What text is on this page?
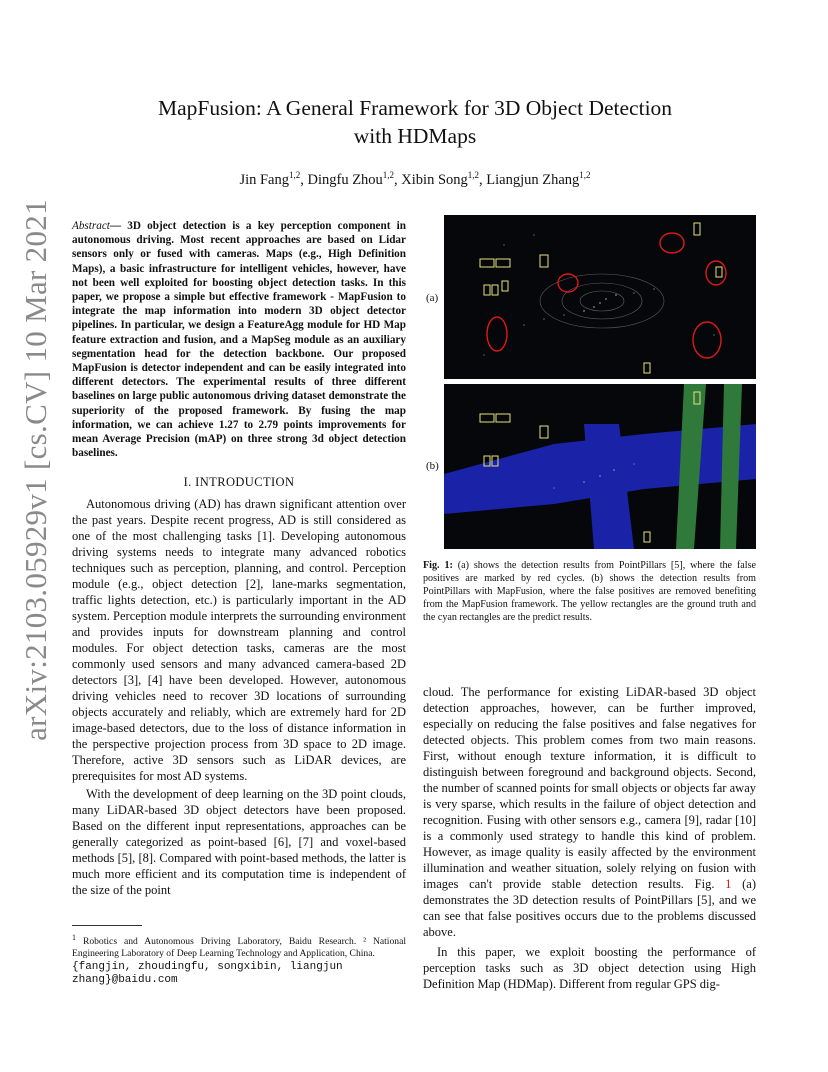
arXiv:2103.05929v1 [cs.CV] 10 Mar 2021
MapFusion: A General Framework for 3D Object Detection
with HDMaps
Jin Fang$^{1,2}$, Dingfu Zhou$^{1,2}$, Xibin Song$^{1,2}$, Liangjun Zhang$^{1,2}$
Abstract— 3D object detection is a key perception component in autonomous driving. Most recent approaches are based on Lidar sensors only or fused with cameras. Maps (e.g., High Definition Maps), a basic infrastructure for intelligent vehicles, however, have not been well exploited for boosting object detection tasks. In this paper, we propose a simple but effective framework - MapFusion to integrate the map information into modern 3D object detector pipelines. In particular, we design a FeatureAgg module for HD Map feature extraction and fusion, and a MapSeg module as an auxiliary segmentation head for the detection backbone. Our proposed MapFusion is detector independent and can be easily integrated into different detectors. The experimental results of three different baselines on large public autonomous driving dataset demonstrate the superiority of the proposed framework. By fusing the map information, we can achieve 1.27 to 2.79 points improvements for mean Average Precision (mAP) on three strong 3d object detection baselines.
I. INTRODUCTION

Autonomous driving (AD) has drawn significant attention over the past years. Despite recent progress, AD is still considered as one of the most challenging tasks [1]. Developing autonomous driving systems needs to integrate many advanced robotics techniques such as perception, planning, and control. Perception module (e.g., object detection [2], lane-marks segmentation, traffic lights detection, etc.) is particularly important in the AD system. Perception module interprets the surrounding environment and provides inputs for downstream planning and control modules. For object detection tasks, cameras are the most commonly used sensors and many advanced camera-based 2D detectors [3], [4] have been developed. However, autonomous driving vehicles need to recover 3D locations of surrounding objects accurately and reliably, which are extremely hard for 2D image-based detectors, due to the loss of distance information in the perspective projection process from 3D space to 2D image. Therefore, active 3D sensors such as LiDAR devices, are prerequisites for most AD systems.

With the development of deep learning on the 3D point clouds, many LiDAR-based 3D object detectors have been proposed. Based on the different input representations, approaches can be generally categorized as point-based [6], [7] and voxel-based methods [5], [8]. Compared with point-based methods, the latter is much more efficient and its computation time is independent of the size of the point

$^1$ Robotics and Autonomous Driving Laboratory, Baidu Research. ² National Engineering Laboratory of Deep Learning Technology and Application, China.
{fangjin, zhoudingfu, songxibin, liangjun zhang}@baidu.com
(a)
(b)
Fig. 1: (a) shows the detection results from PointPillars [5], where the false positives are marked by red cycles. (b) shows the detection results from PointPillars with MapFusion, where the false positives are removed benefiting from the MapFusion framework. The yellow rectangles are the ground truth and the cyan rectangles are the predict results.

cloud. The performance for existing LiDAR-based 3D object detection approaches, however, can be further improved, especially on reducing the false positives and false negatives for detected objects. This problem comes from two main reasons. First, without enough texture information, it is difficult to distinguish between foreground and background objects. Second, the number of scanned points for small objects or objects far away is very sparse, which results in the failure of object detection and recognition. Fusing with other sensors e.g., camera [9], radar [10] is a commonly used strategy to handle this kind of problem. However, as image quality is easily affected by the environment illumination and weather situation, solely relying on fusion with images can't provide stable detection results. Fig. 1 (a) demonstrates the 3D detection results of PointPillars [5], and we can see that false positives occurs due to the problems discussed above.

In this paper, we exploit boosting the performance of perception tasks such as 3D object detection using High Definition Map (HDMap). Different from regular GPS dig-
